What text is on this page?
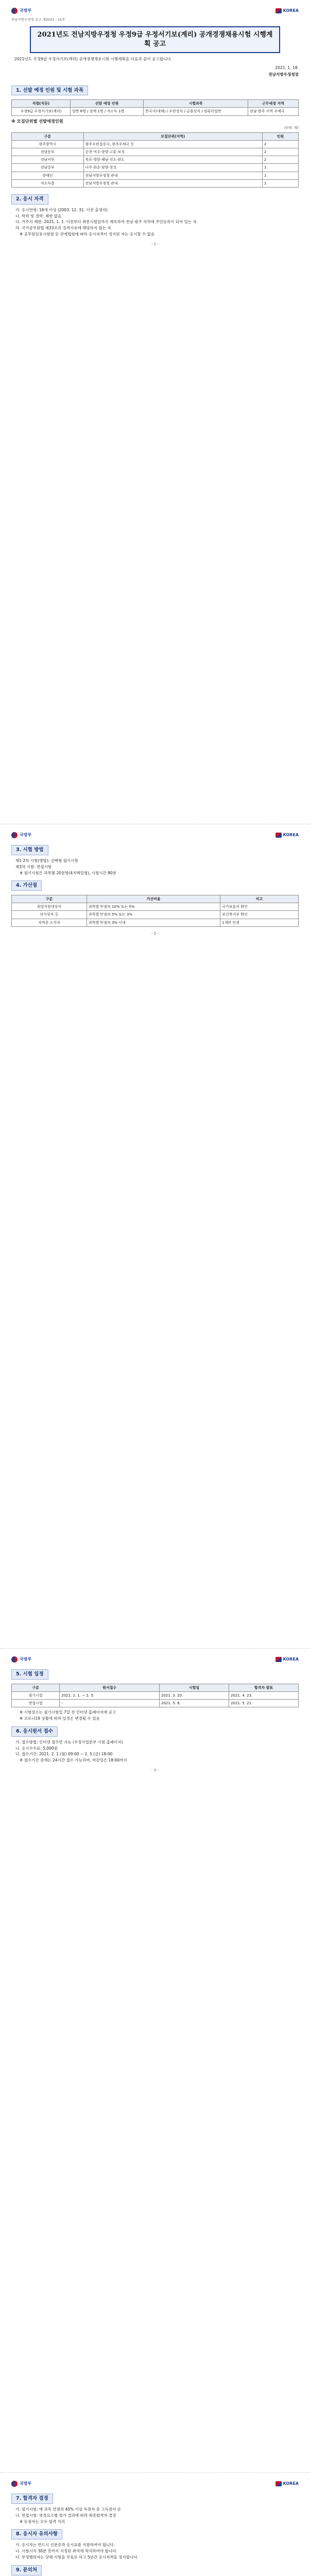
국방부	KOREA
전남지방우정청 공고 제2021 - 15호
2021년도 전남지방우정청 우정9급 우정서기보(계리) 공개경쟁채용시험 시행계획 공고
2021년도 우정9급 우정서기보(계리) 공개경쟁채용시험 시행계획을 다음과 같이 공고합니다.
2021. 1. 18.
전남지방우정청장
1. 선발 예정 인원 및 시험 과목
직렬(직류)	선발 예정 인원	시험과목	근무예정 지역
우정9급 우정서기보(계리)	일반 6명 / 장애 1명 / 저소득 1명	한국사(대체) / 우편상식 / 금융상식 / 컴퓨터일반	전남·광주 지역 우체국
※ 모집단위별 선발예정인원
(단위: 명)
구분	모집단위(지역)	인원
광주광역시	광주우편집중국, 광주우체국 등	2
전남동부	순천·여수·광양·고흥·보성	2
전남서부	목포·영암·해남·진도·완도	2
전남중부	나주·화순·담양·장성	1
장애인	전남지방우정청 관내	1
저소득층	전남지방우정청 관내	1
2. 응시 자격
가. 응시연령: 18세 이상 (2003. 12. 31. 이전 출생자)
나. 학력 및 경력: 제한 없음
다. 거주지 제한: 2021. 1. 1. 이전부터 최종시험일까지 계속하여 전남·광주 지역에 주민등록이 되어 있는 자
라. 국가공무원법 제33조의 결격사유에 해당하지 않는 자
※ 공무원임용시험령 등 관계법령에 따라 응시자격이 정지된 자는 응시할 수 없음
- 1 -
국방부	KOREA
3. 시험 방법
제1·2차 시험(병합): 선택형 필기시험
제3차 시험: 면접시험
※ 필기시험은 과목별 20문항(4지택일형), 시험시간 80분
4. 가산점
구분	가산비율	비고
취업지원대상자	과목별 만점의 10% 또는 5%	국가보훈처 확인
의사상자 등	과목별 만점의 5% 또는 3%	보건복지부 확인
자격증 소지자	과목별 만점의 3% 이내	1개만 인정
- 2 -
국방부	KOREA
5. 시험 일정
구분	원서접수	시험일	합격자 발표
필기시험	2021. 2. 1. ~ 2. 5.	2021. 3. 20.	2021. 4. 23.
면접시험	-	2021. 5. 8.	2021. 5. 21.
※ 시험장소는 필기시험일 7일 전 인터넷 홈페이지에 공고
※ 코로나19 상황에 따라 일정은 변경될 수 있음
6. 응시원서 접수
가. 접수방법: 인터넷 접수만 가능 (우정사업본부 시험 홈페이지)
나. 응시수수료: 5,000원
다. 접수기간: 2021. 2. 1.(월) 09:00 ~ 2. 5.(금) 18:00
※ 접수기간 중에는 24시간 접수 가능하며, 마감일은 18:00까지
- 3 -
국방부	KOREA
7. 합격자 결정
가. 필기시험: 매 과목 만점의 40% 이상 득점자 중 고득점자 순
나. 면접시험: 평정요소별 평가 결과에 따라 최종합격자 결정
※ 동점자는 모두 합격 처리
8. 응시자 유의사항
가. 응시자는 반드시 신분증과 응시표를 지참하여야 합니다.
나. 시험시작 30분 전까지 지정된 좌석에 착석하여야 합니다.
다. 부정행위자는 당해 시험을 무효로 하고 5년간 응시자격을 정지합니다.
9. 문의처
